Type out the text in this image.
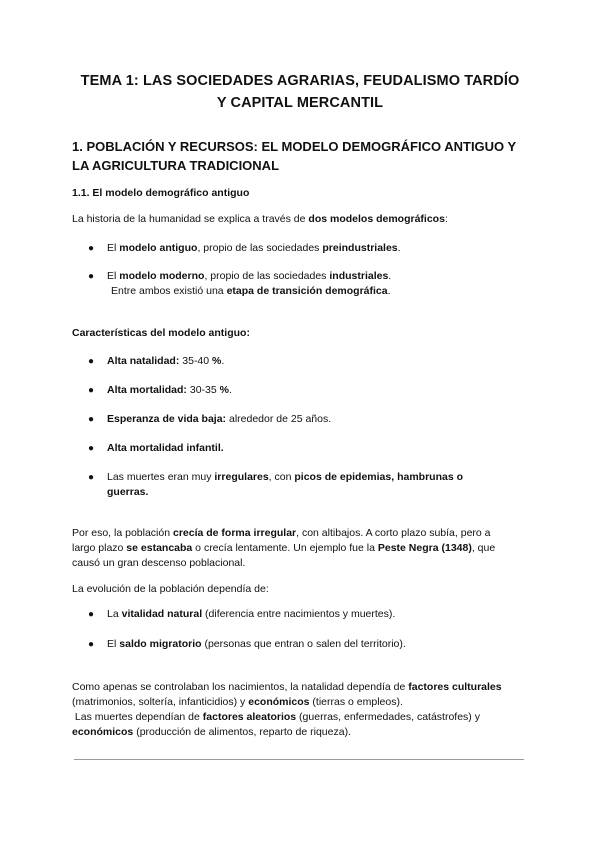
TEMA 1: LAS SOCIEDADES AGRARIAS, FEUDALISMO TARDÍO
Y CAPITAL MERCANTIL
1. POBLACIÓN Y RECURSOS: EL MODELO DEMOGRÁFICO ANTIGUO Y
LA AGRICULTURA TRADICIONAL
1.1. El modelo demográfico antiguo
La historia de la humanidad se explica a través de dos modelos demográficos:
● El modelo antiguo, propio de las sociedades preindustriales.
● El modelo moderno, propio de las sociedades industriales.
Entre ambos existió una etapa de transición demográfica.
Características del modelo antiguo:
● Alta natalidad: 35-40 %.
● Alta mortalidad: 30-35 %.
● Esperanza de vida baja: alrededor de 25 años.
● Alta mortalidad infantil.
● Las muertes eran muy irregulares, con picos de epidemias, hambrunas o
guerras.
Por eso, la población crecía de forma irregular, con altibajos. A corto plazo subía, pero a
largo plazo se estancaba o crecía lentamente. Un ejemplo fue la Peste Negra (1348), que
causó un gran descenso poblacional.
La evolución de la población dependía de:
● La vitalidad natural (diferencia entre nacimientos y muertes).
● El saldo migratorio (personas que entran o salen del territorio).
Como apenas se controlaban los nacimientos, la natalidad dependía de factores culturales
(matrimonios, soltería, infanticidios) y económicos (tierras o empleos).
Las muertes dependían de factores aleatorios (guerras, enfermedades, catástrofes) y
económicos (producción de alimentos, reparto de riqueza).
